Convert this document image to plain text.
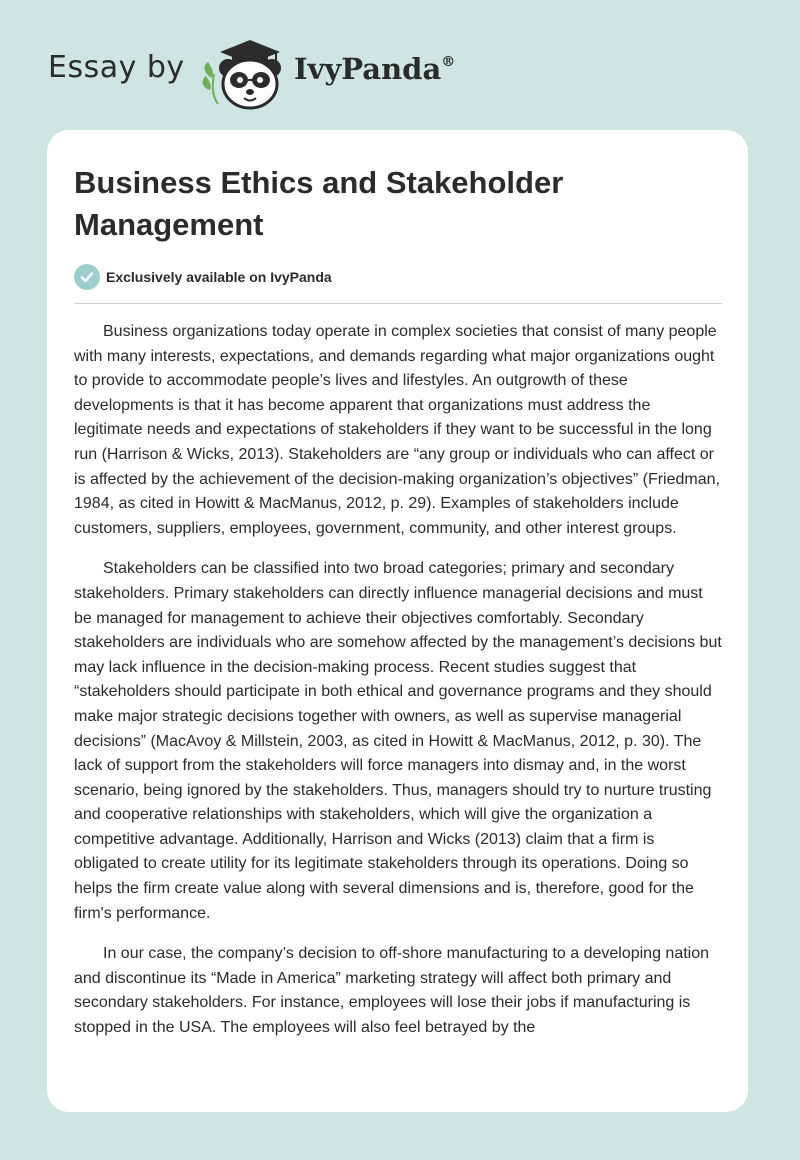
Essay by	IvyPanda®
Business Ethics and Stakeholder Management
Exclusively available on IvyPanda

Business organizations today operate in complex societies that consist of many people with many interests, expectations, and demands regarding what major organizations ought to provide to accommodate people’s lives and lifestyles. An outgrowth of these developments is that it has become apparent that organizations must address the legitimate needs and expectations of stakeholders if they want to be successful in the long run (Harrison & Wicks, 2013). Stakeholders are “any group or individuals who can affect or is affected by the achievement of the decision-making organization’s objectives” (Friedman, 1984, as cited in Howitt & MacManus, 2012, p. 29). Examples of stakeholders include customers, suppliers, employees, government, community, and other interest groups.

Stakeholders can be classified into two broad categories; primary and secondary stakeholders. Primary stakeholders can directly influence managerial decisions and must be managed for management to achieve their objectives comfortably. Secondary stakeholders are individuals who are somehow affected by the management’s decisions but may lack influence in the decision-making process. Recent studies suggest that “stakeholders should participate in both ethical and governance programs and they should make major strategic decisions together with owners, as well as supervise managerial decisions” (MacAvoy & Millstein, 2003, as cited in Howitt & MacManus, 2012, p. 30). The lack of support from the stakeholders will force managers into dismay and, in the worst scenario, being ignored by the stakeholders. Thus, managers should try to nurture trusting and cooperative relationships with stakeholders, which will give the organization a competitive advantage. Additionally, Harrison and Wicks (2013) claim that a firm is obligated to create utility for its legitimate stakeholders through its operations. Doing so helps the firm create value along with several dimensions and is, therefore, good for the firm's performance.

In our case, the company’s decision to off-shore manufacturing to a developing nation and discontinue its “Made in America” marketing strategy will affect both primary and secondary stakeholders. For instance, employees will lose their jobs if manufacturing is stopped in the USA. The employees will also feel betrayed by the
